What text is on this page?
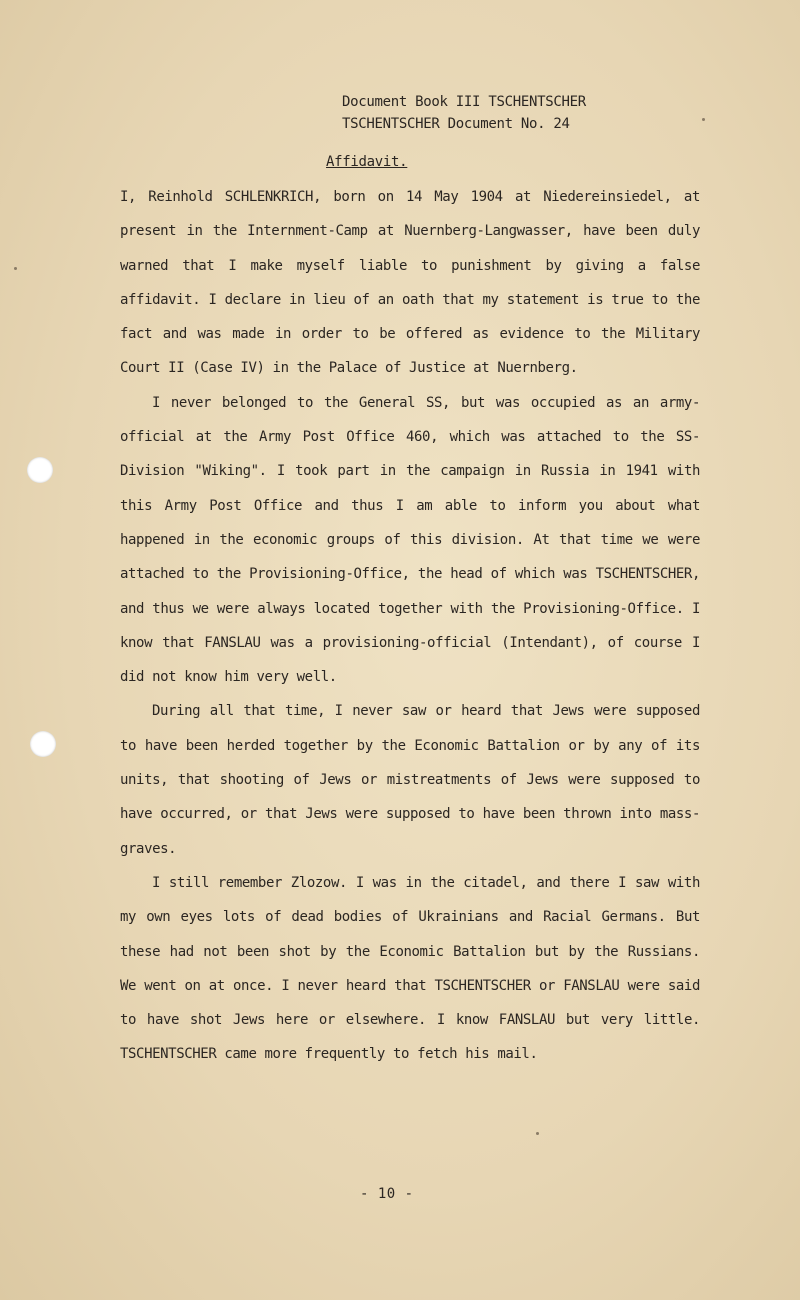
Document Book III TSCHENTSCHER
TSCHENTSCHER Document No. 24
Affidavit.

I, Reinhold SCHLENKRICH, born on 14 May 1904 at Niedereinsiedel, at present in the Internment-Camp at Nuernberg-Langwasser, have been duly warned that I make myself liable to punishment by giving a false affidavit. I declare in lieu of an oath that my statement is true to the fact and was made in order to be offered as evidence to the Military Court II (Case IV) in the Palace of Justice at Nuernberg.

I never belonged to the General SS, but was occupied as an army-official at the Army Post Office 460, which was attached to the SS-Division "Wiking". I took part in the campaign in Russia in 1941 with this Army Post Office and thus I am able to inform you about what happened in the economic groups of this division. At that time we were attached to the Provisioning-Office, the head of which was TSCHENTSCHER, and thus we were always located together with the Provisioning-Office. I know that FANSLAU was a provisioning-official (Intendant), of course I did not know him very well.

During all that time, I never saw or heard that Jews were supposed to have been herded together by the Economic Battalion or by any of its units, that shooting of Jews or mistreatments of Jews were supposed to have occurred, or that Jews were supposed to have been thrown into mass-graves.

I still remember Zlozow. I was in the citadel, and there I saw with my own eyes lots of dead bodies of Ukrainians and Racial Germans. But these had not been shot by the Economic Battalion but by the Russians. We went on at once. I never heard that TSCHENTSCHER or FANSLAU were said to have shot Jews here or elsewhere. I know FANSLAU but very little. TSCHENTSCHER came more frequently to fetch his mail.

- 10 -
